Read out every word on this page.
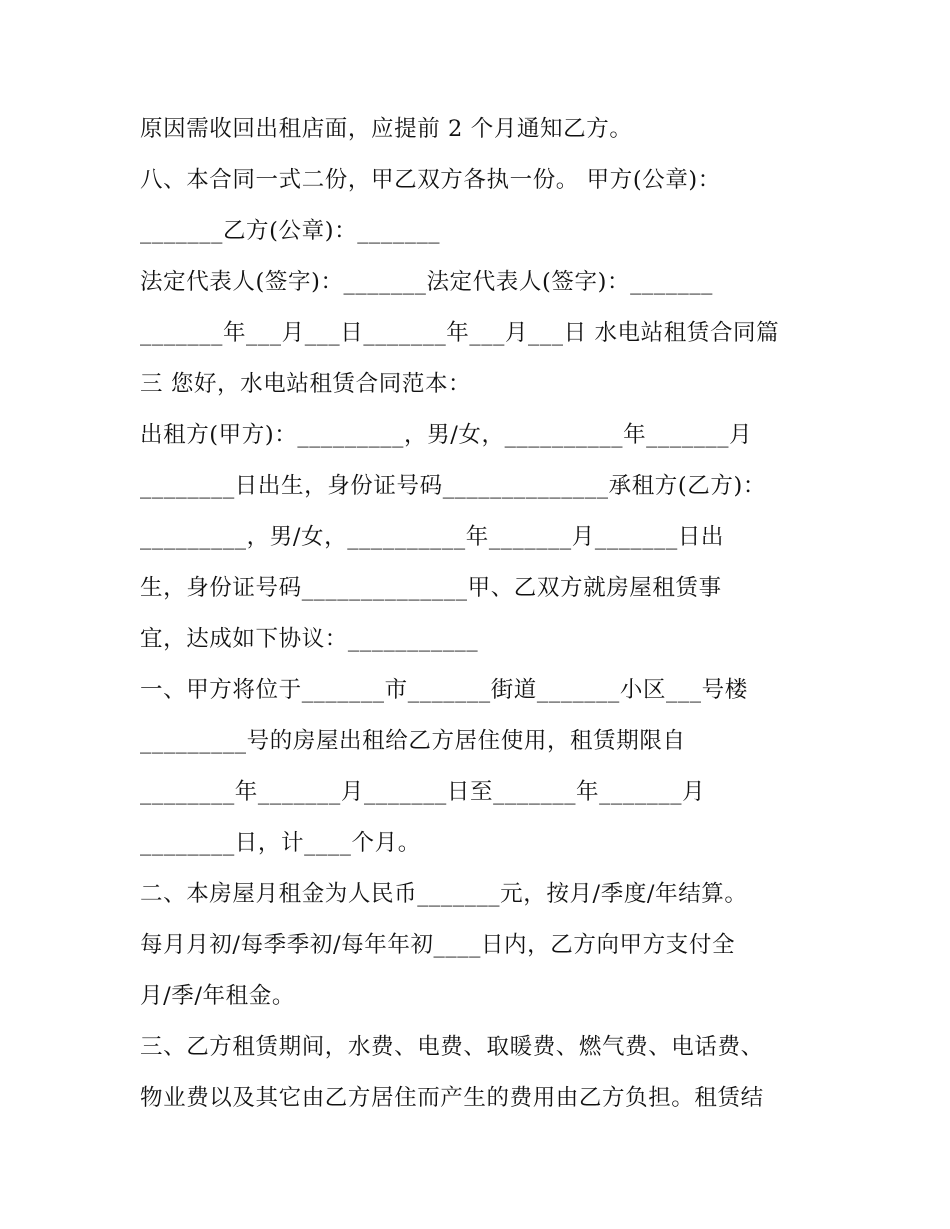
原因需收回出租店面，应提前 2 个月通知乙方。
八、本合同一式二份，甲乙双方各执一份。 甲方(公章)：
_______乙方(公章)：_______
法定代表人(签字)：_______法定代表人(签字)：_______
_______年___月___日_______年___月___日 水电站租赁合同篇
三 您好，水电站租赁合同范本：
出租方(甲方)：_________，男/女，__________年_______月
________日出生，身份证号码______________承租方(乙方)：
_________，男/女，__________年_______月_______日出
生，身份证号码______________甲、乙双方就房屋租赁事
宜，达成如下协议：___________
一、甲方将位于_______市_______街道_______小区___号楼
_________号的房屋出租给乙方居住使用，租赁期限自
________年_______月_______日至_______年_______月
________日，计____个月。
二、本房屋月租金为人民币_______元，按月/季度/年结算。
每月月初/每季季初/每年年初____日内，乙方向甲方支付全
月/季/年租金。
三、乙方租赁期间，水费、电费、取暖费、燃气费、电话费、
物业费以及其它由乙方居住而产生的费用由乙方负担。租赁结
